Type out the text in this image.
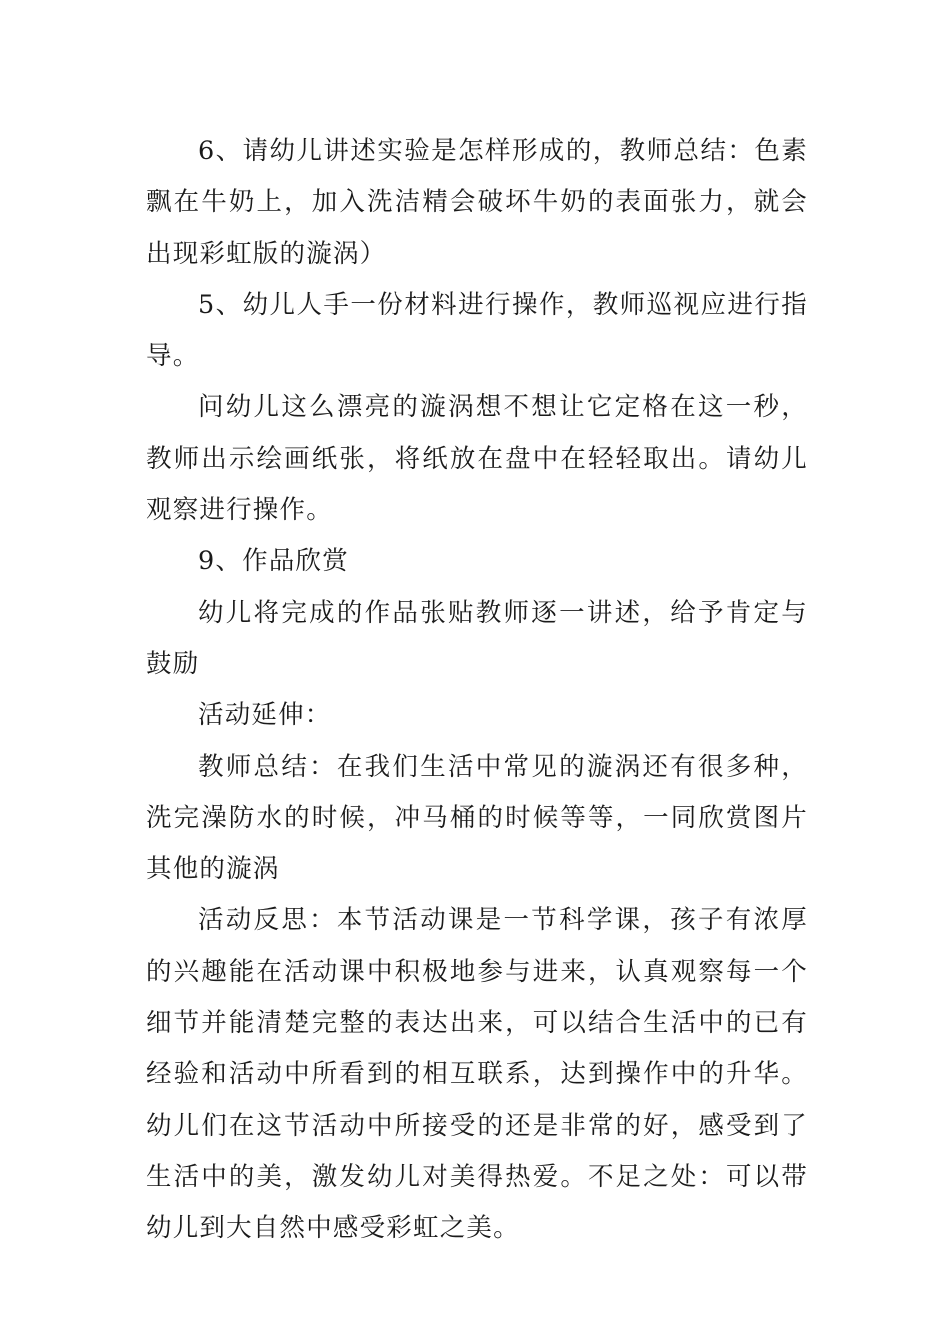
6、请幼儿讲述实验是怎样形成的，教师总结：色素飘在牛奶上，加入洗洁精会破坏牛奶的表面张力，就会出现彩虹版的漩涡）

5、幼儿人手一份材料进行操作，教师巡视应进行指导。

问幼儿这么漂亮的漩涡想不想让它定格在这一秒，教师出示绘画纸张，将纸放在盘中在轻轻取出。请幼儿观察进行操作。

9、作品欣赏

幼儿将完成的作品张贴教师逐一讲述，给予肯定与鼓励

活动延伸：

教师总结：在我们生活中常见的漩涡还有很多种，洗完澡防水的时候，冲马桶的时候等等，一同欣赏图片其他的漩涡

活动反思：本节活动课是一节科学课，孩子有浓厚的兴趣能在活动课中积极地参与进来，认真观察每一个细节并能清楚完整的表达出来，可以结合生活中的已有经验和活动中所看到的相互联系，达到操作中的升华。幼儿们在这节活动中所接受的还是非常的好，感受到了生活中的美，激发幼儿对美得热爱。不足之处：可以带幼儿到大自然中感受彩虹之美。
